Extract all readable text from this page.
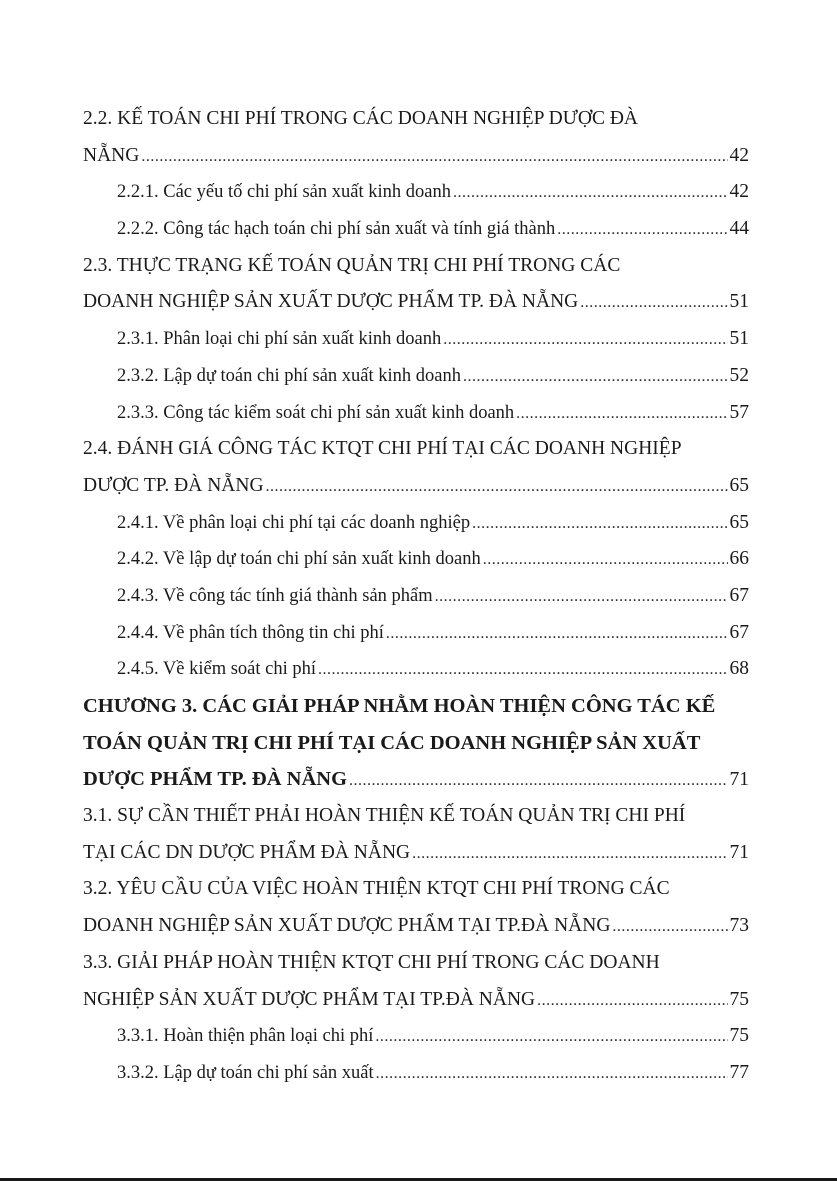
2.2. KẾ TOÁN CHI PHÍ TRONG CÁC DOANH NGHIỆP DƯỢC ĐÀ
NẴNG .....	42
2.2.1. Các yếu tố chi phí sản xuất kinh doanh .....	42
2.2.2. Công tác hạch toán chi phí sản xuất và tính giá thành .....	44
2.3. THỰC TRẠNG KẾ TOÁN QUẢN TRỊ CHI PHÍ TRONG CÁC
DOANH NGHIỆP SẢN XUẤT DƯỢC PHẨM TP. ĐÀ NẴNG .....	51
2.3.1. Phân loại chi phí sản xuất kinh doanh .....	51
2.3.2. Lập dự toán chi phí sản xuất kinh doanh .....	52
2.3.3. Công tác kiểm soát chi phí sản xuất kinh doanh .....	57
2.4. ĐÁNH GIÁ CÔNG TÁC KTQT CHI PHÍ TẠI CÁC DOANH NGHIỆP
DƯỢC TP. ĐÀ NẴNG .....	65
2.4.1. Về phân loại chi phí tại các doanh nghiệp .....	65
2.4.2. Về lập dự toán chi phí sản xuất kinh doanh .....	66
2.4.3. Về công tác tính giá thành sản phẩm .....	67
2.4.4. Về phân tích thông tin chi phí .....	67
2.4.5. Về kiểm soát chi phí .....	68
CHƯƠNG 3. CÁC GIẢI PHÁP NHẰM HOÀN THIỆN CÔNG TÁC KẾ
TOÁN QUẢN TRỊ CHI PHÍ TẠI CÁC DOANH NGHIỆP SẢN XUẤT
DƯỢC PHẨM TP. ĐÀ NẴNG .....	71
3.1. SỰ CẦN THIẾT PHẢI HOÀN THIỆN KẾ TOÁN QUẢN TRỊ CHI PHÍ
TẠI CÁC DN DƯỢC PHẨM ĐÀ NẴNG .....	71
3.2. YÊU CẦU CỦA VIỆC HOÀN THIỆN KTQT CHI PHÍ TRONG CÁC
DOANH NGHIỆP SẢN XUẤT DƯỢC PHẨM TẠI TP.ĐÀ NẴNG .....	73
3.3. GIẢI PHÁP HOÀN THIỆN KTQT CHI PHÍ TRONG CÁC DOANH
NGHIỆP SẢN XUẤT DƯỢC PHẨM TẠI TP.ĐÀ NẴNG .....	75
3.3.1. Hoàn thiện phân loại chi phí .....	75
3.3.2. Lập dự toán chi phí sản xuất .....	77
